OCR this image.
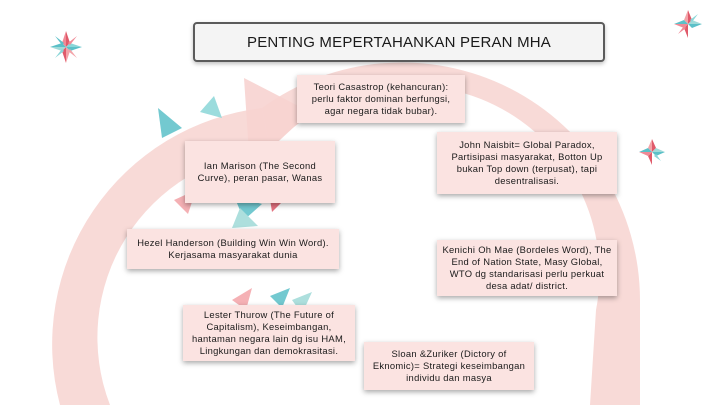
PENTING MEPERTAHANKAN PERAN MHA
Teori Casastrop (kehancuran): perlu faktor dominan berfungsi, agar negara tidak bubar).
Ian Marison (The Second Curve), peran pasar, Wanas
John Naisbit= Global Paradox, Partisipasi masyarakat, Botton Up bukan Top down (terpusat), tapi desentralisasi.
Hezel Handerson (Building Win Win Word). Kerjasama masyarakat dunia	Kenichi Oh Mae (Bordeles Word), The End of Nation State, Masy Global, WTO dg standarisasi perlu perkuat desa adat/ district.
Lester Thurow (The Future of Capitalism), Keseimbangan, hantaman negara lain dg isu HAM, Lingkungan dan demokrasitasi.	Sloan &Zuriker (Dictory of Eknomic)= Strategi keseimbangan individu dan masya
